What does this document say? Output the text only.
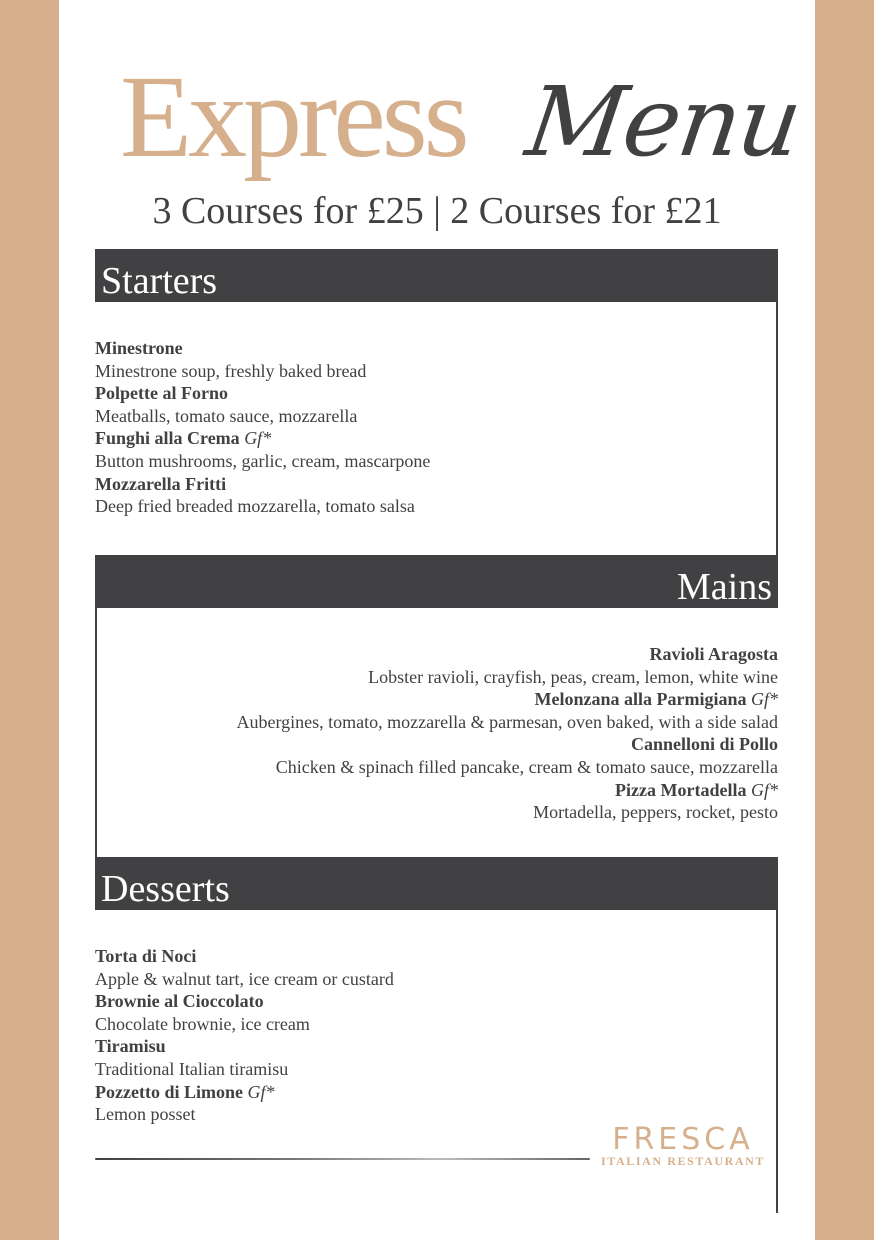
Express Menu
3 Courses for £25 | 2 Courses for £21
Starters
Minestrone
Minestrone soup, freshly baked bread
Polpette al Forno
Meatballs, tomato sauce, mozzarella
Funghi alla Crema Gf*
Button mushrooms, garlic, cream, mascarpone
Mozzarella Fritti
Deep fried breaded mozzarella, tomato salsa
Mains
Ravioli Aragosta
Lobster ravioli, crayfish, peas, cream, lemon, white wine
Melonzana alla Parmigiana Gf*
Aubergines, tomato, mozzarella & parmesan, oven baked, with a side salad
Cannelloni di Pollo
Chicken & spinach filled pancake, cream & tomato sauce, mozzarella
Pizza Mortadella Gf*
Mortadella, peppers, rocket, pesto
Desserts
Torta di Noci
Apple & walnut tart, ice cream or custard
Brownie al Cioccolato
Chocolate brownie, ice cream
Tiramisu
Traditional Italian tiramisu
Pozzetto di Limone Gf*
Lemon posset
FRESCA
ITALIAN RESTAURANT
